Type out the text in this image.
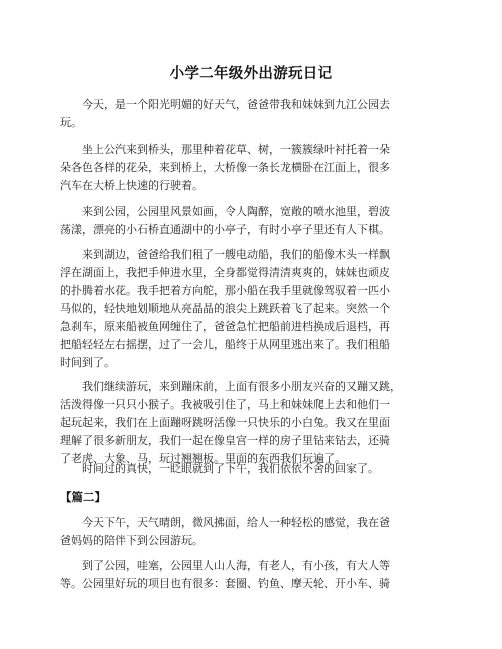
小学二年级外出游玩日记
　　今天，是一个阳光明媚的好天气，爸爸带我和妹妹到九江公园去
玩。
　　坐上公汽来到桥头，那里种着花草、树，一簇簇绿叶衬托着一朵
朵各色各样的花朵，来到桥上，大桥像一条长龙横卧在江面上，很多
汽车在大桥上快速的行驶着。
　　来到公园，公园里风景如画，令人陶醉，宽敞的喷水池里，碧波
荡漾，漂亮的小石桥直通湖中的小亭子，有时小亭子里还有人下棋。
　　来到湖边，爸爸给我们租了一艘电动船，我们的船像木头一样飘
浮在湖面上，我把手伸进水里，全身都觉得清清爽爽的，妹妹也顽皮
的扑腾着水花。我手把着方向舵，那小船在我手里就像驾驭着一匹小
马似的，轻快地划顺地从亮晶晶的浪尖上跳跃着飞了起来。突然一个
急刹车，原来船被鱼网缠住了，爸爸急忙把船前进档换成后退档，再
把船轻轻左右摇摆，过了一会儿，船终于从网里逃出来了。我们租船
时间到了。
　　我们继续游玩，来到蹦床前，上面有很多小朋友兴奋的又蹦又跳，
活泼得像一只只小猴子。我被吸引住了，马上和妹妹爬上去和他们一
起玩起来，我们在上面蹦呀跳呀活像一只快乐的小白兔。我又在里面
理解了很多新朋友，我们一起在像皇宫一样的房子里钻来钻去，还骑
了老虎、大象、马，玩过翘翘板。里面的东西我们玩遍了。
　　时间过的真快，一眨眼就到了下午，我们依依不舍的回家了。
【篇二】
　　今天下午，天气晴朗，微风拂面，给人一种轻松的感觉，我在爸
爸妈妈的陪伴下到公园游玩。
　　到了公园，哇塞，公园里人山人海，有老人，有小孩，有大人等
等。公园里好玩的项目也有很多：套圈、钓鱼、摩天轮、开小车、骑
